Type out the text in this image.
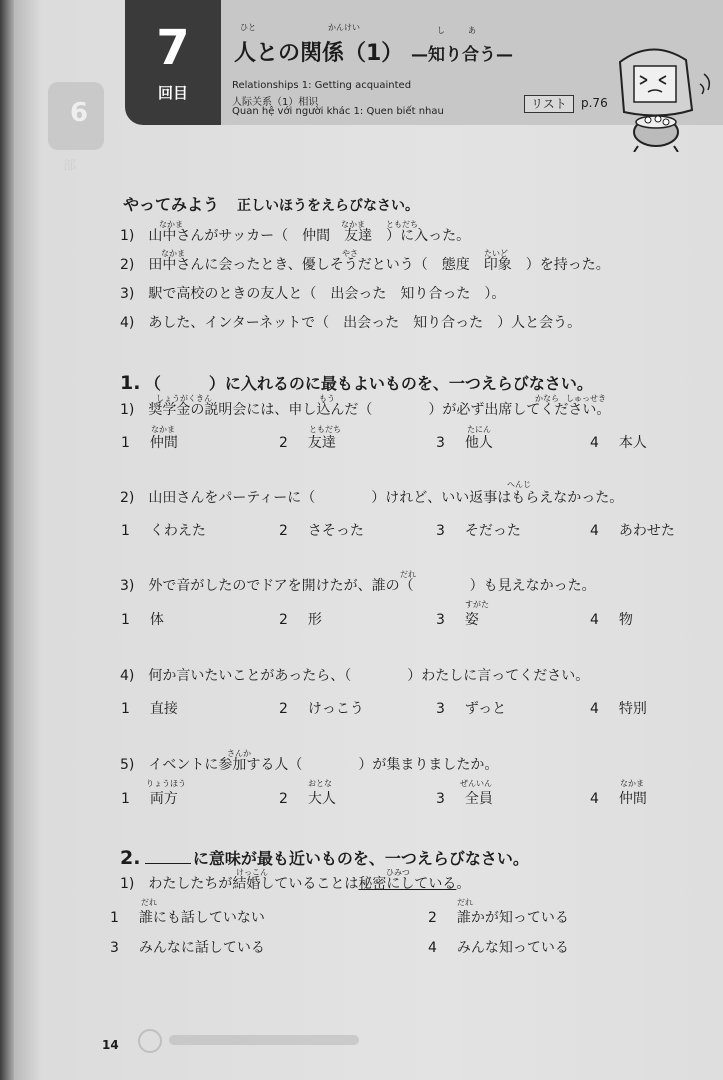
6
部
7
回目
ひと	かんけい	し	あ
人との関係（1） —知り合う—
Relationships 1: Getting acquainted
人际关系（1）相识
Quan hệ với người khác 1: Quen biết nhau
リスト	p.76
やってみよう 正しいほうをえらびなさい。
なかま	なかま	ともだち
1)　山中さんがサッカー（　仲間　友達　）に入った。
なかま	やさ	たいど
2)　田中さんに会ったとき、優しそうだという（　態度　印象　）を持った。
3)　駅で高校のときの友人と（　出会った　知り合った　）。
4)　あした、インターネットで（　出会った　知り合った　）人と会う。
1. （　　　）に入れるのに最もよいものを、一つえらびなさい。
しょうがくきん	もう	かなら しゅっせき
1)　奨学金の説明会には、申し込んだ（　　　　）が必ず出席してください。
なかま	ともだち	たにん
1 仲間	2 友達	3 他人	4 本人
へんじ
2)　山田さんをパーティーに（　　　　）けれど、いい返事はもらえなかった。
1 くわえた	2 さそった	3 そだった	4 あわせた
だれ
3)　外で音がしたのでドアを開けたが、誰の（　　　　）も見えなかった。
すがた
1 体	2 形	3 姿	4 物
4)　何か言いたいことがあったら、（　　　　）わたしに言ってください。
1 直接	2 けっこう	3 ずっと	4 特別
さんか
5)　イベントに参加する人（　　　　）が集まりましたか。
りょうほう	おとな	ぜんいん	なかま
1 両方	2 大人	3 全員	4 仲間
2.	に意味が最も近いものを、一つえらびなさい。
けっこん	ひみつ
1)　わたしたちが結婚していることは秘密にしている。
だれ	だれ
1 誰にも話していない	2 誰かが知っている
3 みんなに話している	4 みんな知っている
14
